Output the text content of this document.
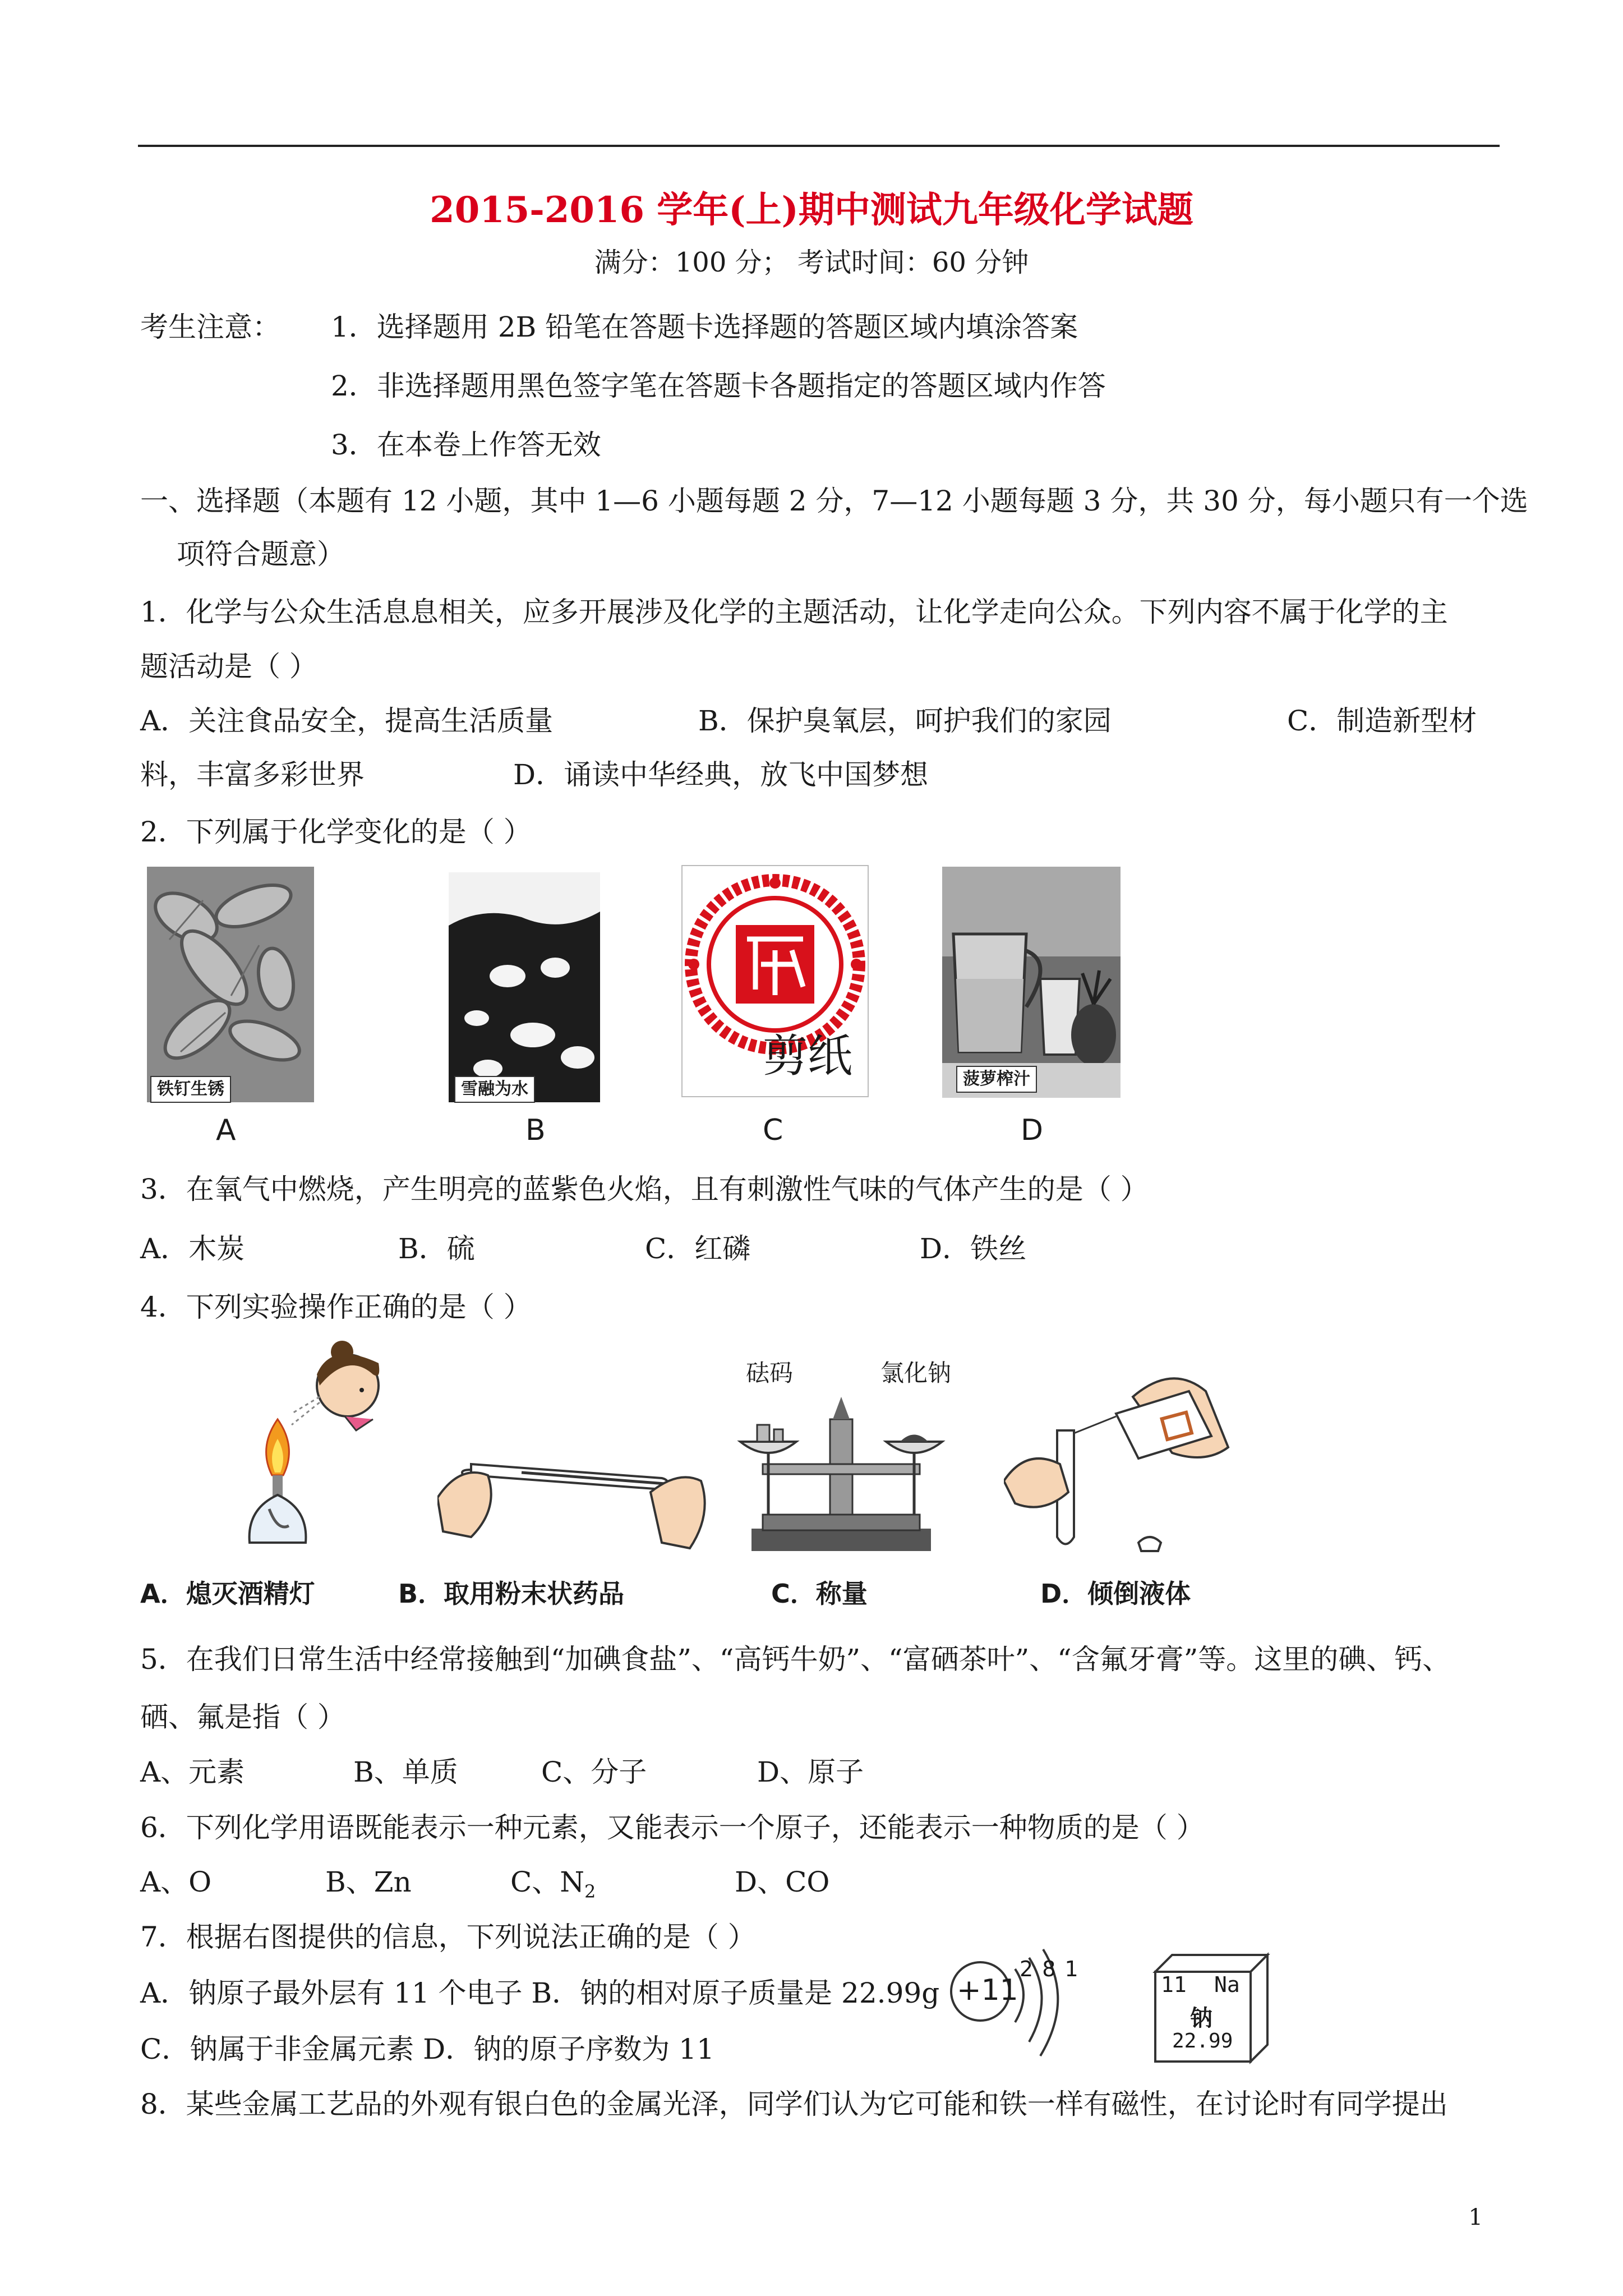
2015-2016 学年(上)期中测试九年级化学试题
满分：100 分； 考试时间：60 分钟
考生注意： 1．选择题用 2B 铅笔在答题卡选择题的答题区域内填涂答案
2．非选择题用黑色签字笔在答题卡各题指定的答题区域内作答
3．在本卷上作答无效
一、选择题（本题有 12 小题，其中 1—6 小题每题 2 分，7—12 小题每题 3 分，共 30 分，每小题只有一个选
项符合题意）
1．化学与公众生活息息相关，应多开展涉及化学的主题活动，让化学走向公众。下列内容不属于化学的主
题活动是（ ）
A．关注食品安全，提高生活质量	B．保护臭氧层，呵护我们的家园	C．制造新型材
料，丰富多彩世界	D．诵读中华经典，放飞中国梦想
2．下列属于化学变化的是（ ）
铁钉生锈
A
雪融为水
B
剪纸
C
菠萝榨汁
D
3．在氧气中燃烧，产生明亮的蓝紫色火焰，且有刺激性气味的气体产生的是（ ）
A．木炭	B．硫	C．红磷	D．铁丝
4．下列实验操作正确的是（ ）
A．熄灭酒精灯	B．取用粉末状药品
砝码	氯化钠
C．称量	D．倾倒液体
5．在我们日常生活中经常接触到“加碘食盐”、“高钙牛奶”、“富硒茶叶”、“含氟牙膏”等。这里的碘、钙、
硒、氟是指（ ）
A、元素	B、单质	C、分子	D、原子
6．下列化学用语既能表示一种元素，又能表示一个原子，还能表示一种物质的是（ ）
A、O	B、Zn	C、$N_2$	D、CO
7．根据右图提供的信息，下列说法正确的是（ ）
A．钠原子最外层有 11 个电子 B．钠的相对原子质量是 22.99g
C．钠属于非金属元素 D．钠的原子序数为 11
+11
2 8 1
11 Na
钠
22.99
8．某些金属工艺品的外观有银白色的金属光泽，同学们认为它可能和铁一样有磁性，在讨论时有同学提出
1
